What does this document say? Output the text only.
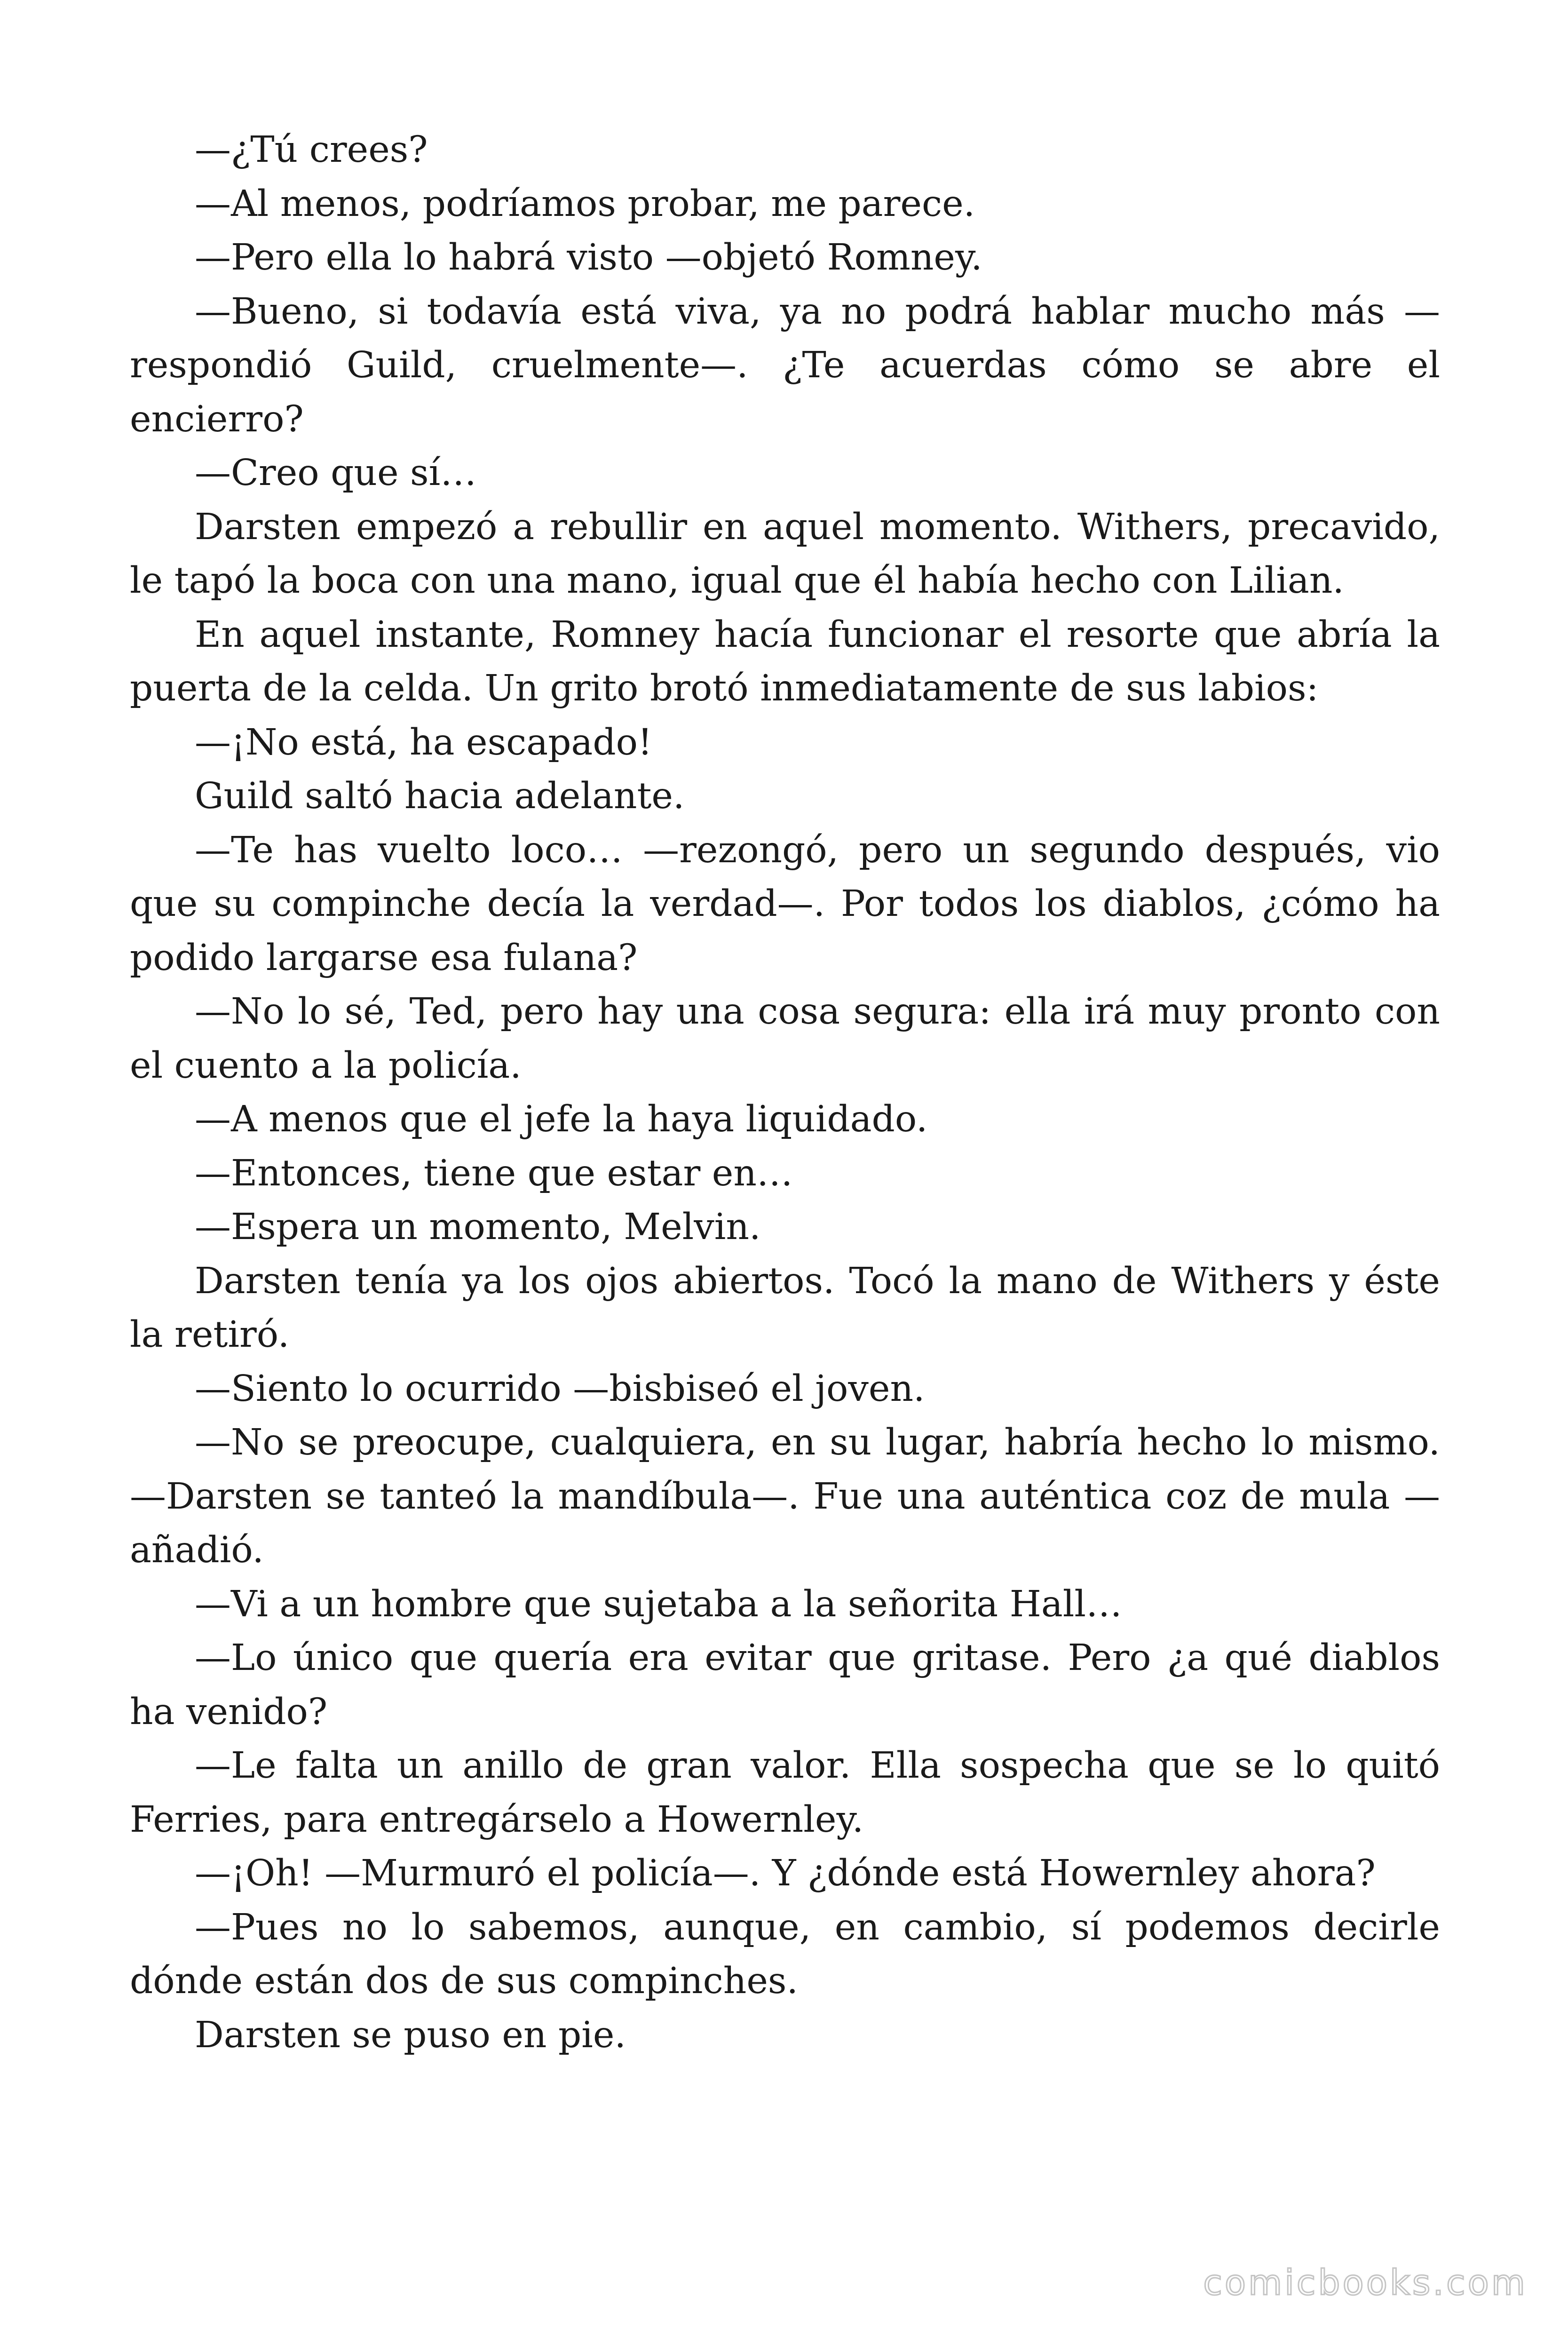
—¿Tú crees?

—Al menos, podríamos probar, me parece.

—Pero ella lo habrá visto —objetó Romney.

—Bueno, si todavía está viva, ya no podrá hablar mucho más —respondió Guild, cruelmente—. ¿Te acuerdas cómo se abre el encierro?

—Creo que sí…

Darsten empezó a rebullir en aquel momento. Withers, precavido, le tapó la boca con una mano, igual que él había hecho con Lilian.

En aquel instante, Romney hacía funcionar el resorte que abría la puerta de la celda. Un grito brotó inmediatamente de sus labios:

—¡No está, ha escapado!

Guild saltó hacia adelante.

—Te has vuelto loco… —rezongó, pero un segundo después, vio que su compinche decía la verdad—. Por todos los diablos, ¿cómo ha podido largarse esa fulana?

—No lo sé, Ted, pero hay una cosa segura: ella irá muy pronto con el cuento a la policía.

—A menos que el jefe la haya liquidado.

—Entonces, tiene que estar en…

—Espera un momento, Melvin.

Darsten tenía ya los ojos abiertos. Tocó la mano de Withers y éste la retiró.

—Siento lo ocurrido —bisbiseó el joven.

—No se preocupe, cualquiera, en su lugar, habría hecho lo mismo. —Darsten se tanteó la mandíbula—. Fue una auténtica coz de mula —añadió.

—Vi a un hombre que sujetaba a la señorita Hall…

—Lo único que quería era evitar que gritase. Pero ¿a qué diablos ha venido?

—Le falta un anillo de gran valor. Ella sospecha que se lo quitó Ferries, para entregárselo a Howernley.

—¡Oh! —Murmuró el policía—. Y ¿dónde está Howernley ahora?

—Pues no lo sabemos, aunque, en cambio, sí podemos decirle dónde están dos de sus compinches.

Darsten se puso en pie.

comicbooks.com
